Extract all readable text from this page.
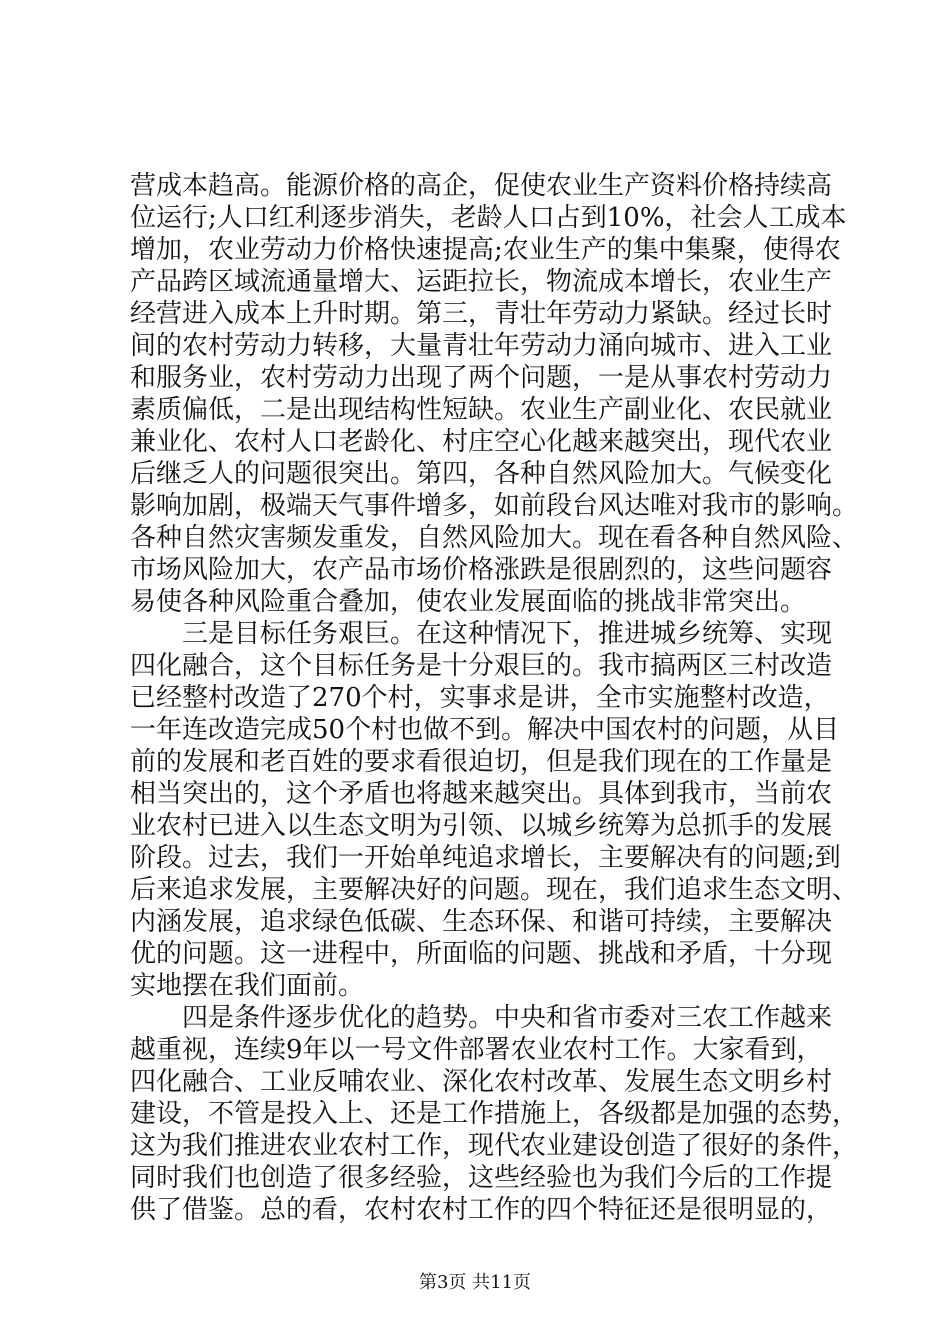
营成本趋高。能源价格的高企，促使农业生产资料价格持续高
位运行;人口红利逐步消失，老龄人口占到10%，社会人工成本
增加，农业劳动力价格快速提高;农业生产的集中集聚，使得农
产品跨区域流通量增大、运距拉长，物流成本增长，农业生产
经营进入成本上升时期。第三，青壮年劳动力紧缺。经过长时
间的农村劳动力转移，大量青壮年劳动力涌向城市、进入工业
和服务业，农村劳动力出现了两个问题，一是从事农村劳动力
素质偏低，二是出现结构性短缺。农业生产副业化、农民就业
兼业化、农村人口老龄化、村庄空心化越来越突出，现代农业
后继乏人的问题很突出。第四，各种自然风险加大。气候变化
影响加剧，极端天气事件增多，如前段台风达唯对我市的影响。
各种自然灾害频发重发，自然风险加大。现在看各种自然风险、
市场风险加大，农产品市场价格涨跌是很剧烈的，这些问题容
易使各种风险重合叠加，使农业发展面临的挑战非常突出。
三是目标任务艰巨。在这种情况下，推进城乡统筹、实现
四化融合，这个目标任务是十分艰巨的。我市搞两区三村改造
已经整村改造了270个村，实事求是讲，全市实施整村改造，
一年连改造完成50个村也做不到。解决中国农村的问题，从目
前的发展和老百姓的要求看很迫切，但是我们现在的工作量是
相当突出的，这个矛盾也将越来越突出。具体到我市，当前农
业农村已进入以生态文明为引领、以城乡统筹为总抓手的发展
阶段。过去，我们一开始单纯追求增长，主要解决有的问题;到
后来追求发展，主要解决好的问题。现在，我们追求生态文明、
内涵发展，追求绿色低碳、生态环保、和谐可持续，主要解决
优的问题。这一进程中，所面临的问题、挑战和矛盾，十分现
实地摆在我们面前。
四是条件逐步优化的趋势。中央和省市委对三农工作越来
越重视，连续9年以一号文件部署农业农村工作。大家看到，
四化融合、工业反哺农业、深化农村改革、发展生态文明乡村
建设，不管是投入上、还是工作措施上，各级都是加强的态势，
这为我们推进农业农村工作，现代农业建设创造了很好的条件，
同时我们也创造了很多经验，这些经验也为我们今后的工作提
供了借鉴。总的看，农村农村工作的四个特征还是很明显的，
第3页 共11页
